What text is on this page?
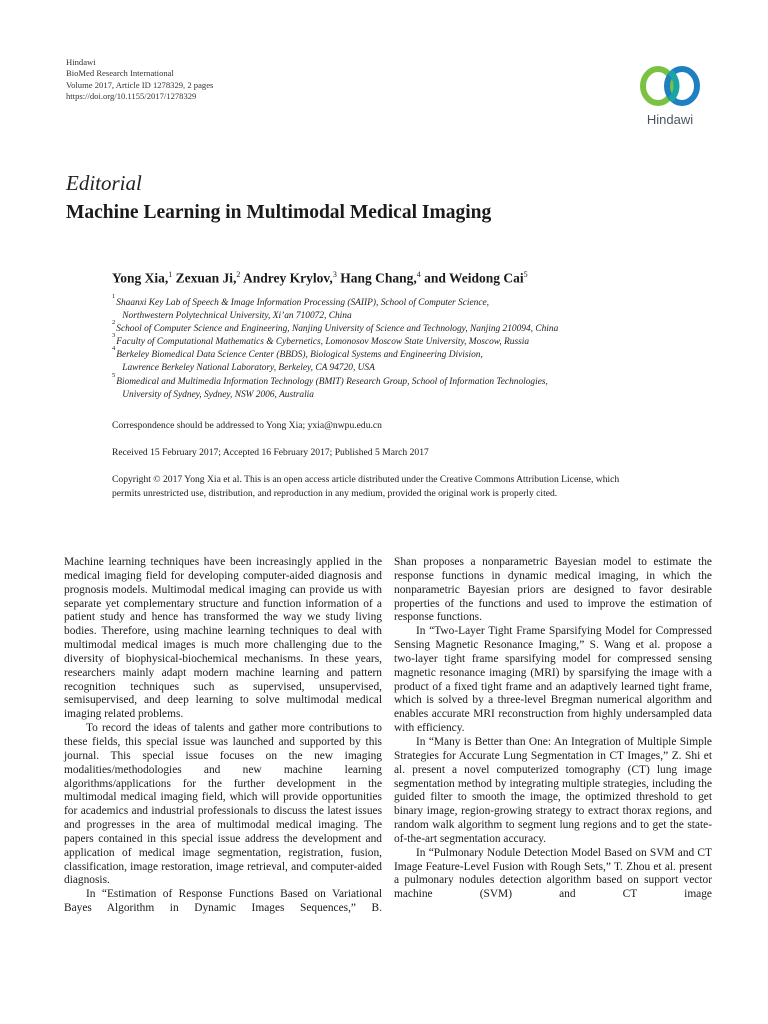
Hindawi
BioMed Research International
Volume 2017, Article ID 1278329, 2 pages
https://doi.org/10.1155/2017/1278329
Hindawi
Editorial
Machine Learning in Multimodal Medical Imaging
Yong Xia,$^1$ Zexuan Ji,$^2$ Andrey Krylov,$^3$ Hang Chang,$^4$ and Weidong Cai$^5$
1
Shaanxi Key Lab of Speech & Image Information Processing (SAIIP), School of Computer Science,
Northwestern Polytechnical University, Xi’an 710072, China
2
School of Computer Science and Engineering, Nanjing University of Science and Technology, Nanjing 210094, China
3
Faculty of Computational Mathematics & Cybernetics, Lomonosov Moscow State University, Moscow, Russia
4
Berkeley Biomedical Data Science Center (BBDS), Biological Systems and Engineering Division,
Lawrence Berkeley National Laboratory, Berkeley, CA 94720, USA
5
Biomedical and Multimedia Information Technology (BMIT) Research Group, School of Information Technologies,
University of Sydney, Sydney, NSW 2006, Australia
Correspondence should be addressed to Yong Xia; yxia@nwpu.edu.cn
Received 15 February 2017; Accepted 16 February 2017; Published 5 March 2017
Copyright © 2017 Yong Xia et al. This is an open access article distributed under the Creative Commons Attribution License, which
permits unrestricted use, distribution, and reproduction in any medium, provided the original work is properly cited.

Machine learning techniques have been increasingly applied in the medical imaging field for developing computer-aided diagnosis and prognosis models. Multimodal medical imaging can provide us with separate yet complementary structure and function information of a patient study and hence has transformed the way we study living bodies. Therefore, using machine learning techniques to deal with multimodal medical images is much more challenging due to the diversity of biophysical-biochemical mechanisms. In these years, researchers mainly adapt modern machine learning and pattern recognition techniques such as supervised, unsupervised, semisupervised, and deep learning to solve multimodal medical imaging related problems.

To record the ideas of talents and gather more contributions to these fields, this special issue was launched and supported by this journal. This special issue focuses on the new imaging modalities/methodologies and new machine learning algorithms/applications for the further development in the multimodal medical imaging field, which will provide opportunities for academics and industrial professionals to discuss the latest issues and progresses in the area of multimodal medical imaging. The papers contained in this special issue address the development and application of medical image segmentation, registration, fusion, classification, image restoration, image retrieval, and computer-aided diagnosis.

In “Estimation of Response Functions Based on Variational Bayes Algorithm in Dynamic Images Sequences,” B.

Shan proposes a nonparametric Bayesian model to estimate the response functions in dynamic medical imaging, in which the nonparametric Bayesian priors are designed to favor desirable properties of the functions and used to improve the estimation of response functions.

In “Two-Layer Tight Frame Sparsifying Model for Compressed Sensing Magnetic Resonance Imaging,” S. Wang et al. propose a two-layer tight frame sparsifying model for compressed sensing magnetic resonance imaging (MRI) by sparsifying the image with a product of a fixed tight frame and an adaptively learned tight frame, which is solved by a three-level Bregman numerical algorithm and enables accurate MRI reconstruction from highly undersampled data with efficiency.

In “Many is Better than One: An Integration of Multiple Simple Strategies for Accurate Lung Segmentation in CT Images,” Z. Shi et al. present a novel computerized tomography (CT) lung image segmentation method by integrating multiple strategies, including the guided filter to smooth the image, the optimized threshold to get binary image, region-growing strategy to extract thorax regions, and random walk algorithm to segment lung regions and to get the state-of-the-art segmentation accuracy.

In “Pulmonary Nodule Detection Model Based on SVM and CT Image Feature-Level Fusion with Rough Sets,” T. Zhou et al. present a pulmonary nodules detection algorithm based on support vector machine (SVM) and CT image
